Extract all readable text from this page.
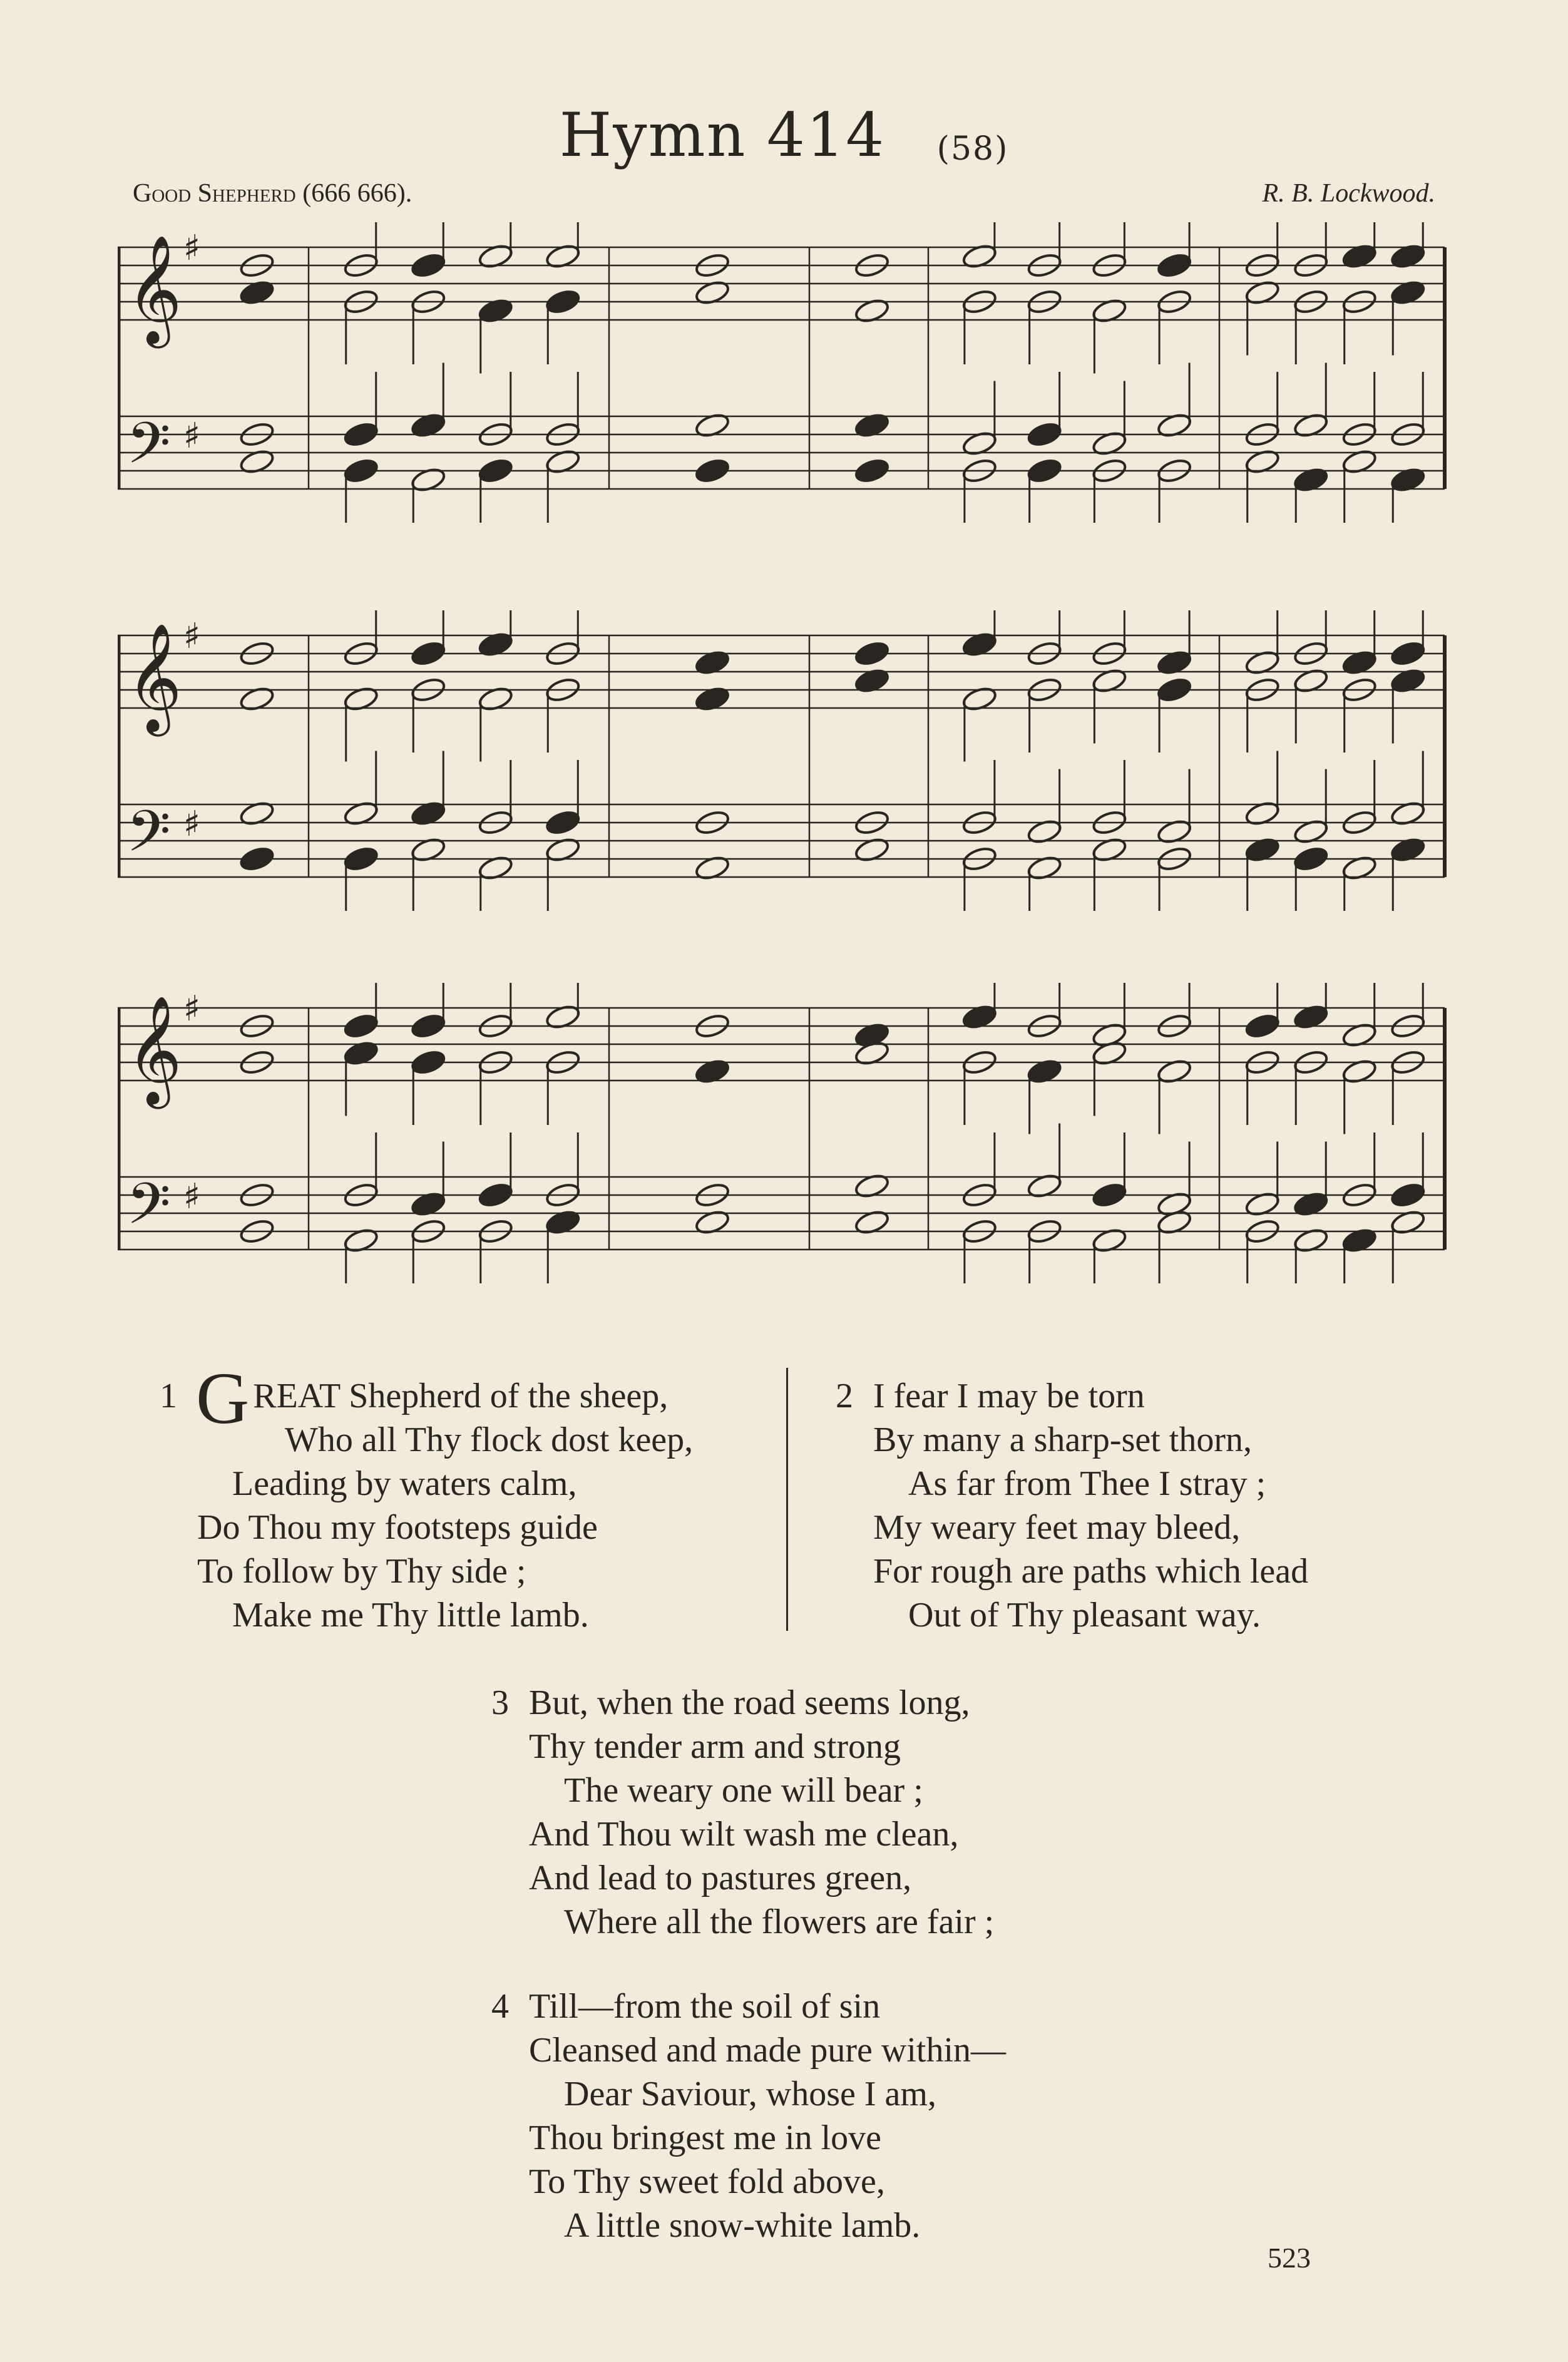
Hymn 414 (58)
Good Shepherd (666 666).	R. B. Lockwood.
𝄞
𝄢
♯
♯
𝄞
𝄢
♯
♯
𝄞
𝄢
♯
♯
1 G REAT Shepherd of the sheep,
Who all Thy flock dost keep,
Leading by waters calm,
Do Thou my footsteps guide
To follow by Thy side ;
Make me Thy little lamb.
2 I fear I may be torn
By many a sharp-set thorn,
As far from Thee I stray ;
My weary feet may bleed,
For rough are paths which lead
Out of Thy pleasant way.
3 But, when the road seems long,
Thy tender arm and strong
The weary one will bear ;
And Thou wilt wash me clean,
And lead to pastures green,
Where all the flowers are fair ;
4 Till—from the soil of sin
Cleansed and made pure within—
Dear Saviour, whose I am,
Thou bringest me in love
To Thy sweet fold above,
A little snow-white lamb.
523
